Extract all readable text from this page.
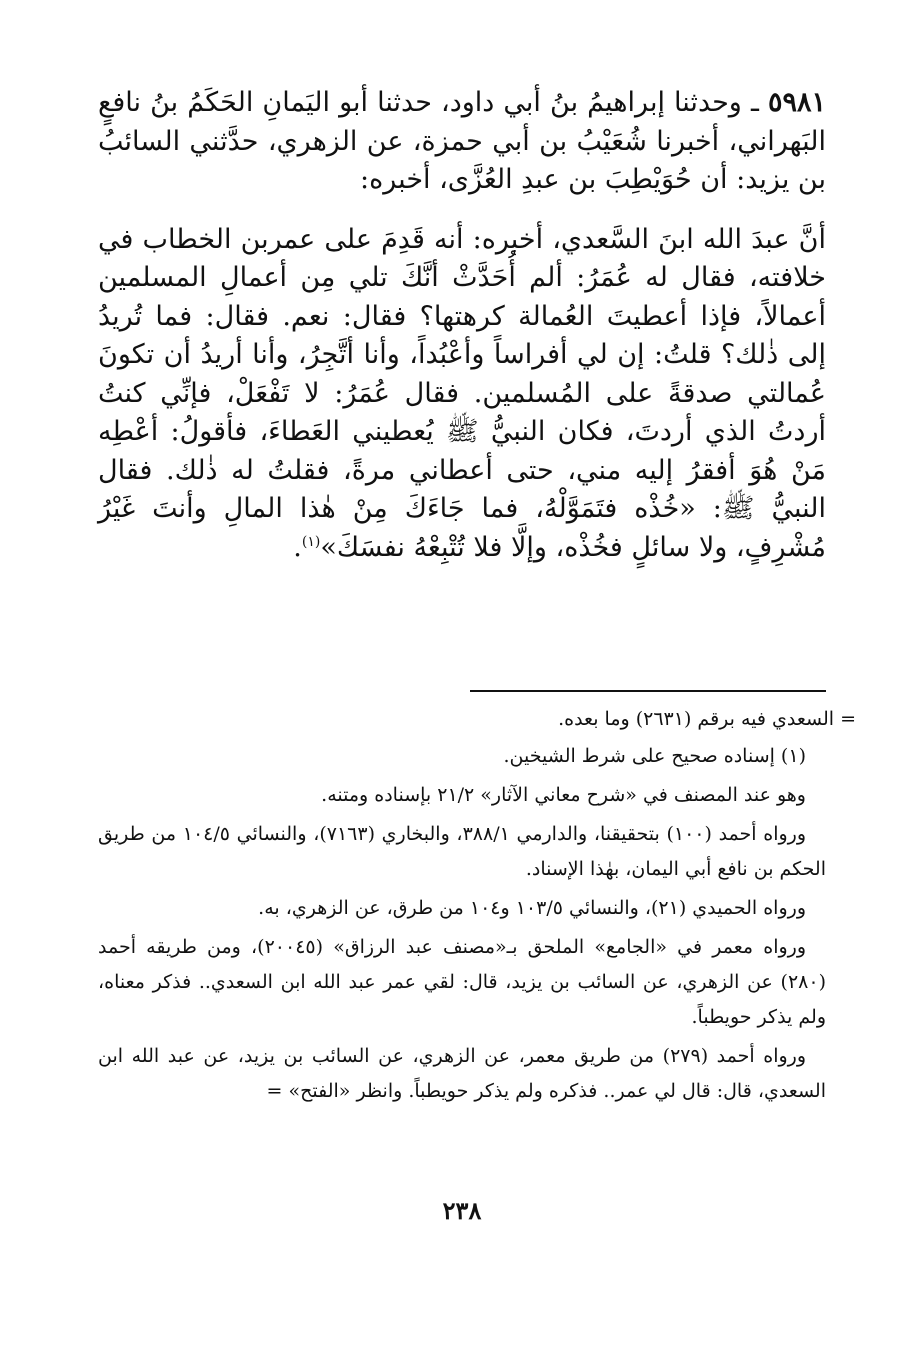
٥٩٨١ ـ وحدثنا إبراهيمُ بنُ أبي داود، حدثنا أبو اليَمانِ الحَكَمُ بنُ نافعٍ البَهراني، أخبرنا شُعَيْبُ بن أبي حمزة، عن الزهري، حدَّثني السائبُ بن يزيد: أن حُوَيْطِبَ بن عبدِ العُزَّى، أخبره:

أنَّ عبدَ الله ابنَ السَّعدي، أخبره: أنه قَدِمَ على عمربن الخطاب في خلافته، فقال له عُمَرُ: ألم أُحَدَّثْ أنَّكَ تلي مِن أعمالِ المسلمين أعمالاً، فإذا أعطيتَ العُمالة كرهتها؟ فقال: نعم. فقال: فما تُريدُ إلى ذٰلك؟ قلتُ: إن لي أفراساً وأعْبُداً، وأنا أتَّجِرُ، وأنا أريدُ أن تكونَ عُمالتي صدقةً على المُسلمين. فقال عُمَرُ: لا تَفْعَلْ، فإنِّي كنتُ أردتُ الذي أردتَ، فكان النبيُّ ﷺ يُعطيني العَطاءَ، فأقولُ: أعْطِه مَنْ هُوَ أفقرُ إليه مني، حتى أعطاني مرةً، فقلتُ له ذٰلك. فقال النبيُّ ﷺ: «خُذْه فتَمَوَّلْهُ، فما جَاءَكَ مِنْ هٰذا المالِ وأنتَ غَيْرُ مُشْرِفٍ، ولا سائلٍ فخُذْه، وإلَّا فلا تُتْبِعْهُ نفسَكَ»$^{(١)}$.

= السعدي فيه برقم (٢٦٣١) وما بعده.

(١) إسناده صحيح على شرط الشيخين.

وهو عند المصنف في «شرح معاني الآثار» ٢١/٢ بإسناده ومتنه.

ورواه أحمد (١٠٠) بتحقيقنا، والدارمي ٣٨٨/١، والبخاري (٧١٦٣)، والنسائي ١٠٤/٥ من طريق الحكم بن نافع أبي اليمان، بهٰذا الإسناد.

ورواه الحميدي (٢١)، والنسائي ١٠٣/٥ و١٠٤ من طرق، عن الزهري، به.

ورواه معمر في «الجامع» الملحق بـ«مصنف عبد الرزاق» (٢٠٠٤٥)، ومن طريقه أحمد (٢٨٠) عن الزهري، عن السائب بن يزيد، قال: لقي عمر عبد الله ابن السعدي.. فذكر معناه، ولم يذكر حويطباً.

ورواه أحمد (٢٧٩) من طريق معمر، عن الزهري، عن السائب بن يزيد، عن عبد الله ابن السعدي، قال: قال لي عمر.. فذكره ولم يذكر حويطباً. وانظر «الفتح» =

٢٣٨
